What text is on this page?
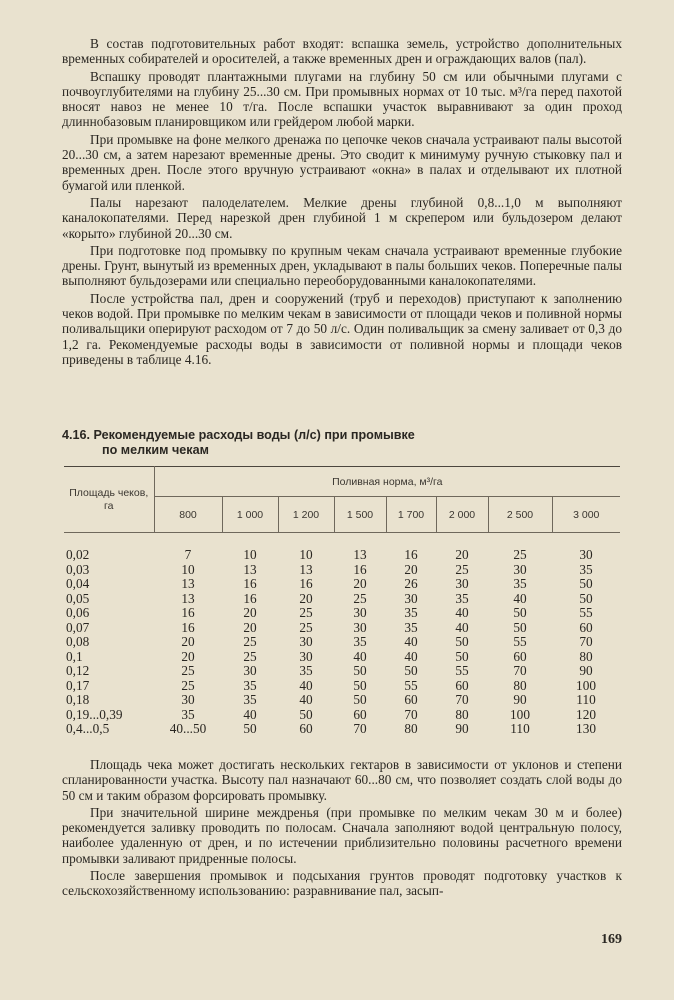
В состав подготовительных работ входят: вспашка земель, устройство дополнительных временных собирателей и оросителей, а также временных дрен и ограждающих валов (пал).

Вспашку проводят плантажными плугами на глубину 50 см или обычными плугами с почвоуглубителями на глубину 25...30 см. При промывных нормах от 10 тыс. м³/га перед пахотой вносят навоз не менее 10 т/га. После вспашки участок выравнивают за один проход длиннобазовым планировщиком или грейдером любой марки.

При промывке на фоне мелкого дренажа по цепочке чеков сначала устраивают палы высотой 20...30 см, а затем нарезают временные дрены. Это сводит к минимуму ручную стыковку пал и временных дрен. После этого вручную устраивают «окна» в палах и отделывают их плотной бумагой или пленкой.

Палы нарезают палоделателем. Мелкие дрены глубиной 0,8...1,0 м выполняют каналокопателями. Перед нарезкой дрен глубиной 1 м скрепером или бульдозером делают «корыто» глубиной 20...30 см.

При подготовке под промывку по крупным чекам сначала устраивают временные глубокие дрены. Грунт, вынутый из временных дрен, укладывают в палы больших чеков. Поперечные палы выполняют бульдозерами или специально переоборудованными каналокопателями.

После устройства пал, дрен и сооружений (труб и переходов) приступают к заполнению чеков водой. При промывке по мелким чекам в зависимости от площади чеков и поливной нормы поливальщики оперируют расходом от 7 до 50 л/с. Один поливальщик за смену заливает от 0,3 до 1,2 га. Рекомендуемые расходы воды в зависимости от поливной нормы и площади чеков приведены в таблице 4.16.

4.16. Рекомендуемые расходы воды (л/с) при промывке
по мелким чекам
Площадь чеков, га	Поливная норма, м³/га							
	800	1 000	1 200	1 500	1 700	2 000	2 500	3 000
0,02	7	10	10	13	16	20	25	30
0,03	10	13	13	16	20	25	30	35
0,04	13	16	16	20	26	30	35	50
0,05	13	16	20	25	30	35	40	50
0,06	16	20	25	30	35	40	50	55
0,07	16	20	25	30	35	40	50	60
0,08	20	25	30	35	40	50	55	70
0,1	20	25	30	40	40	50	60	80
0,12	25	30	35	50	50	55	70	90
0,17	25	35	40	50	55	60	80	100
0,18	30	35	40	50	60	70	90	110
0,19...0,39	35	40	50	60	70	80	100	120
0,4...0,5	40...50	50	60	70	80	90	110	130

Площадь чека может достигать нескольких гектаров в зависимости от уклонов и степени спланированности участка. Высоту пал назначают 60...80 см, что позволяет создать слой воды до 50 см и таким образом форсировать промывку.

При значительной ширине междренья (при промывке по мелким чекам 30 м и более) рекомендуется заливку проводить по полосам. Сначала заполняют водой центральную полосу, наиболее удаленную от дрен, и по истечении приблизительно половины расчетного времени промывки заливают придренные полосы.

После завершения промывок и подсыхания грунтов проводят подготовку участков к сельскохозяйственному использованию: разравнивание пал, засып-

169
